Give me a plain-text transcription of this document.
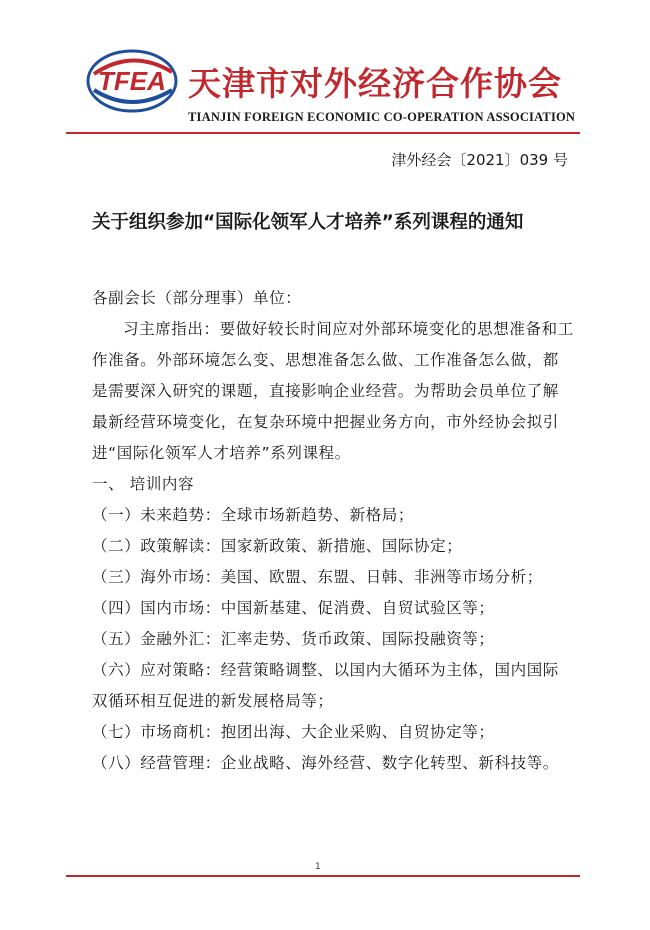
TFEA 天津市对外经济合作协会
TIANJIN FOREIGN ECONOMIC CO-OPERATION ASSOCIATION
津外经会〔2021〕039 号
关于组织参加“国际化领军人才培养”系列课程的通知

各副会长（部分理事）单位：

习主席指出：要做好较长时间应对外部环境变化的思想准备和工作准备。外部环境怎么变、思想准备怎么做、工作准备怎么做，都是需要深入研究的课题，直接影响企业经营。为帮助会员单位了解最新经营环境变化，在复杂环境中把握业务方向，市外经协会拟引进“国际化领军人才培养”系列课程。

一、 培训内容

（一）未来趋势：全球市场新趋势、新格局；

（二）政策解读：国家新政策、新措施、国际协定；

（三）海外市场：美国、欧盟、东盟、日韩、非洲等市场分析；

（四）国内市场：中国新基建、促消费、自贸试验区等；

（五）金融外汇：汇率走势、货币政策、国际投融资等；

（六）应对策略：经营策略调整、以国内大循环为主体，国内国际双循环相互促进的新发展格局等；

（七）市场商机：抱团出海、大企业采购、自贸协定等；

（八）经营管理：企业战略、海外经营、数字化转型、新科技等。

1
